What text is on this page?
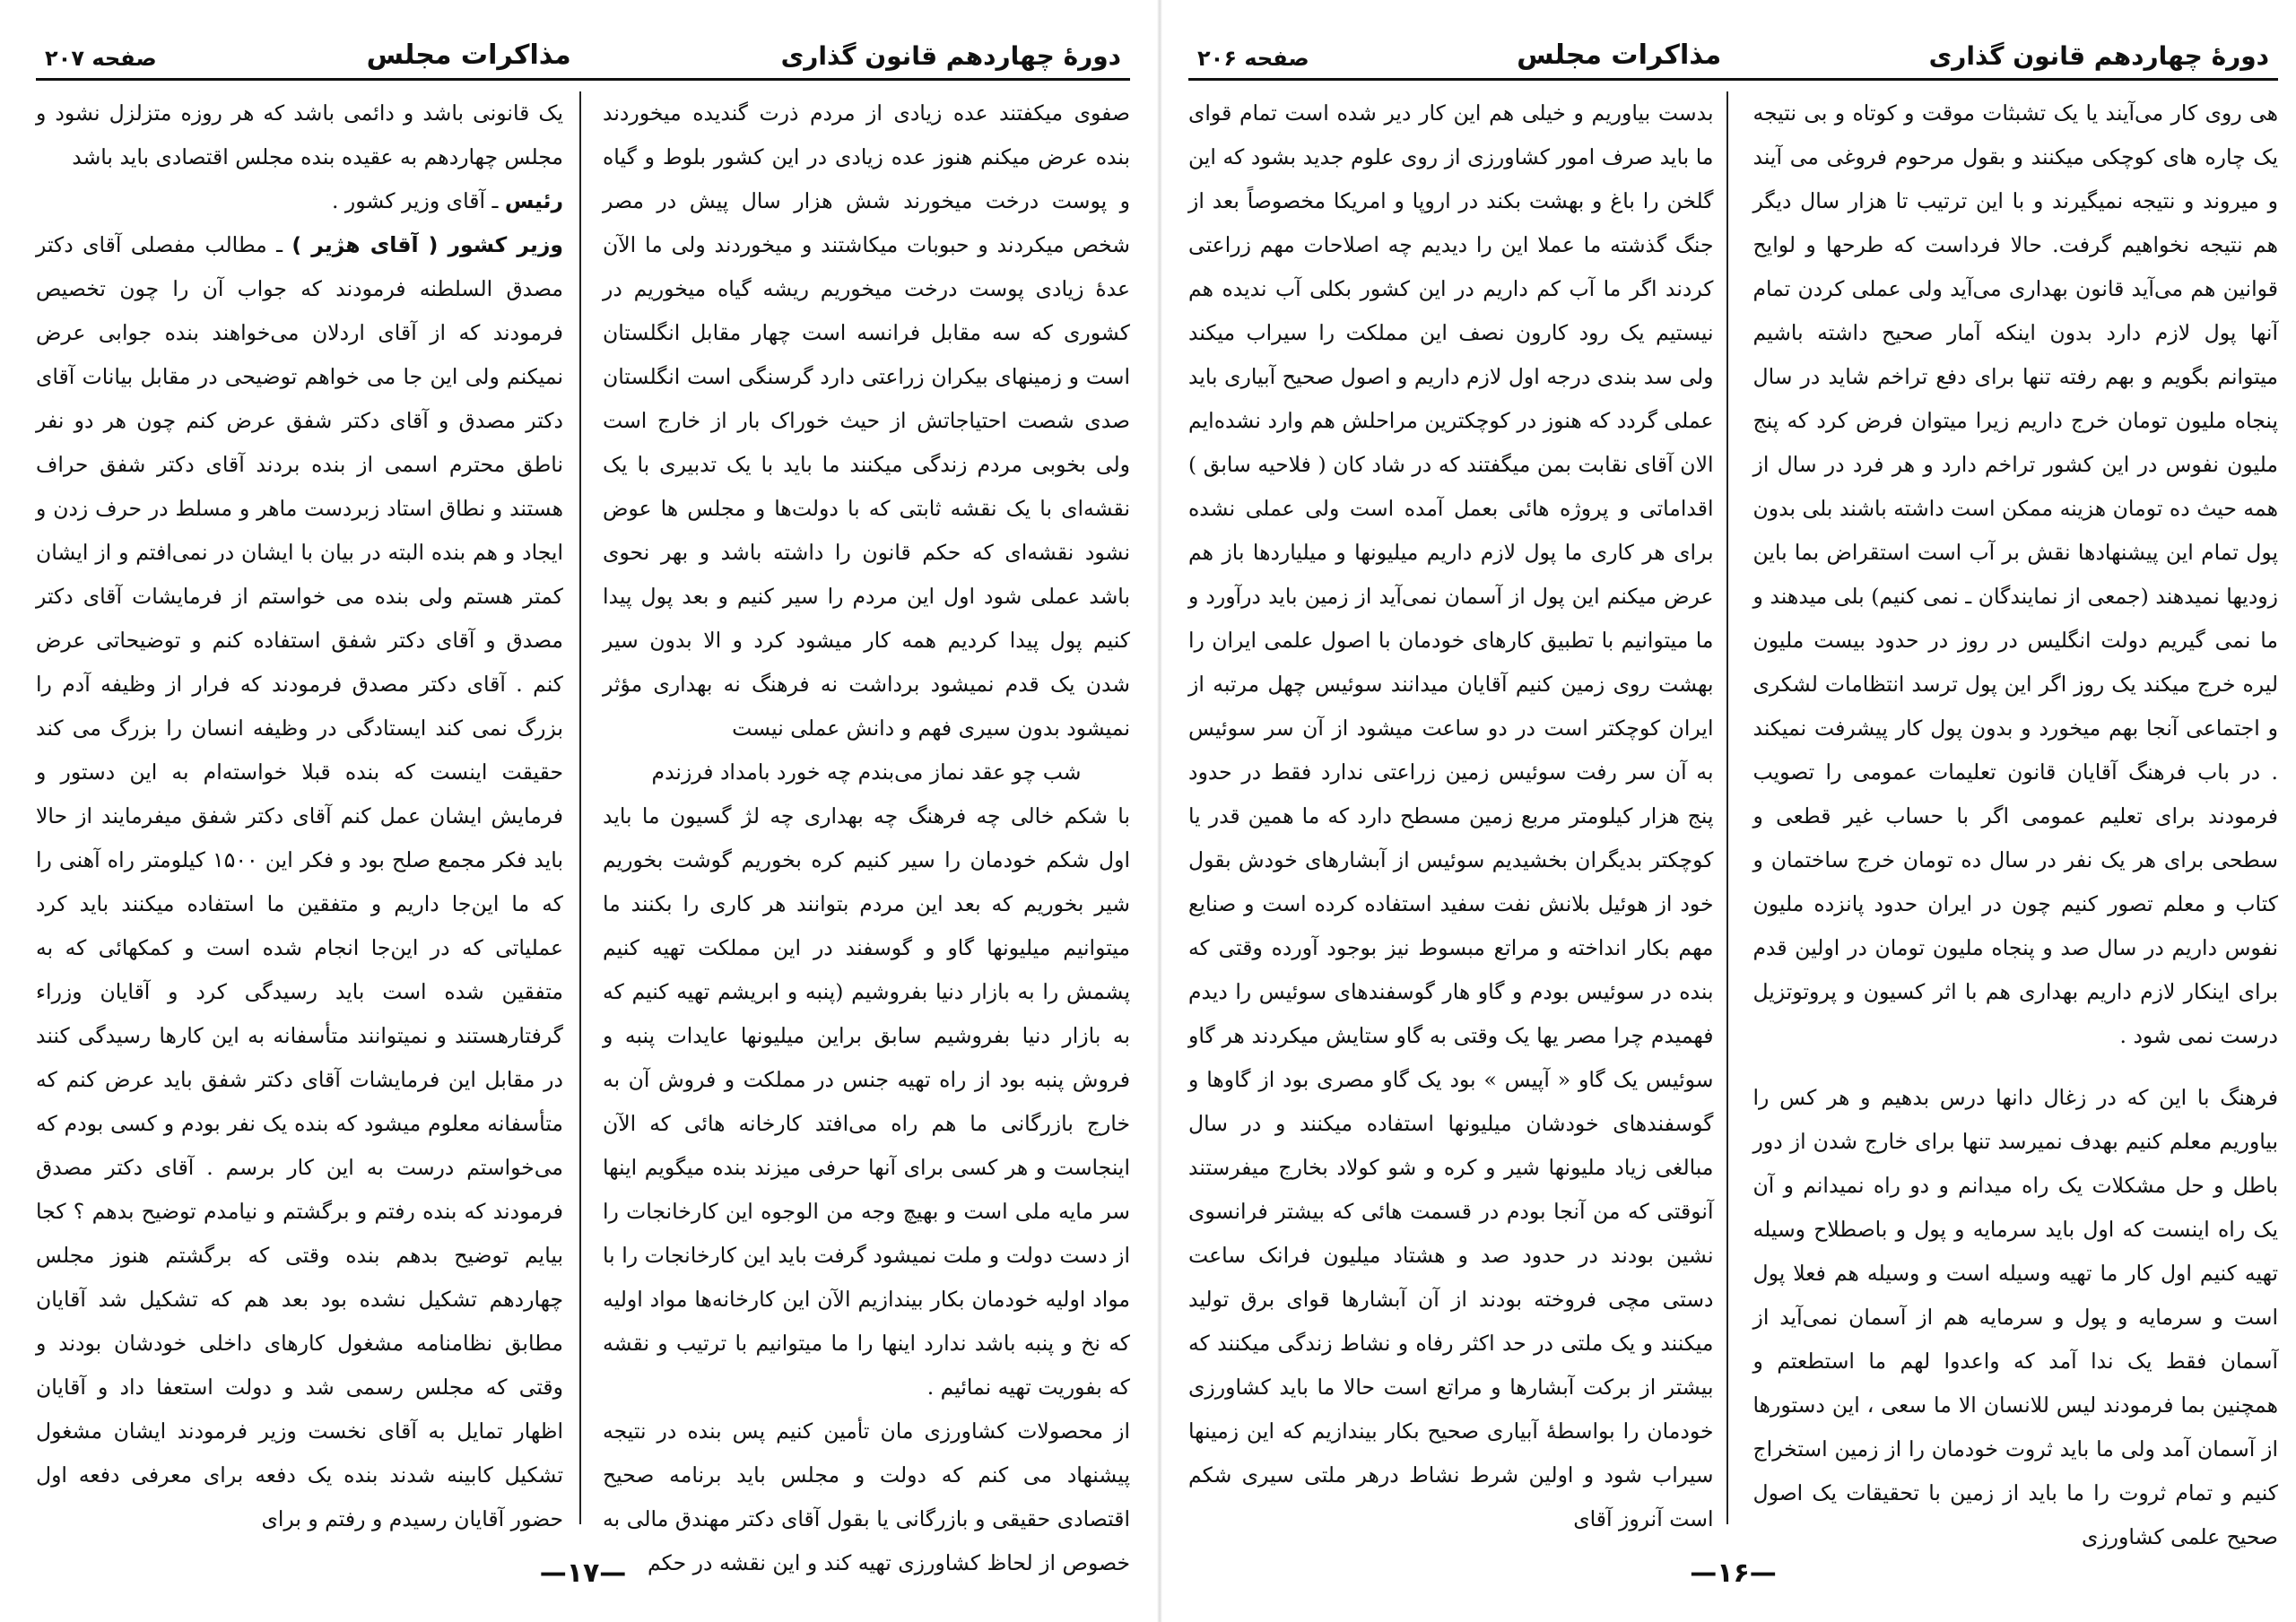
دورهٔ چهاردهم قانون گذاری
مذاکرات مجلس
صفحه ۲۰۷

صفوی میکفتند عده زیادی از مردم ذرت گندیده میخوردند بنده عرض میکنم هنوز عده زیادی در این کشور بلوط و گیاه و پوست درخت میخورند شش هزار سال پیش در مصر شخص میکردند و حبوبات میکاشتند و میخوردند ولی ما الآن عدهٔ زیادی پوست درخت میخوریم ریشه گیاه میخوریم در کشوری که سه مقابل فرانسه است چهار مقابل انگلستان است و زمینهای بیکران زراعتی دارد گرسنگی است انگلستان صدی شصت احتیاجاتش از حیث خوراک بار از خارج است ولی بخوبی مردم زندگی میکنند ما باید با یک تدبیری با یک نقشه‌ای با یک نقشه ثابتی که با دولت‌ها و مجلس ها عوض نشود نقشه‌ای که حکم قانون را داشته باشد و بهر نحوی باشد عملی شود اول این مردم را سیر کنیم و بعد پول پیدا کنیم پول پیدا کردیم همه کار میشود کرد و الا بدون سیر شدن یک قدم نمیشود برداشت نه فرهنگ نه بهداری مؤثر نمیشود بدون سیری فهم و دانش عملی نیست

شب چو عقد نماز می‌بندم چه خورد بامداد فرزندم

با شکم خالی چه فرهنگ چه بهداری چه لژ گسیون ما باید اول شکم خودمان را سیر کنیم کره بخوریم گوشت بخوریم شیر بخوریم که بعد این مردم بتوانند هر کاری را بکنند ما میتوانیم میلیونها گاو و گوسفند در این مملکت تهیه کنیم پشمش را به بازار دنیا بفروشیم (پنبه و ابریشم تهیه کنیم که به بازار دنیا بفروشیم سابق براین میلیونها عایدات پنبه و فروش پنبه بود از راه تهیه جنس در مملکت و فروش آن به خارج بازرگانی ما هم راه می‌افتد کارخانه هائی که الآن اینجاست و هر کسی برای آنها حرفی میزند بنده میگویم اینها سر مایه ملی است و بهیچ وجه من الوجوه این کارخانجات را از دست دولت و ملت نمیشود گرفت باید این کارخانجات را با مواد اولیه خودمان بکار بیندازیم الآن این کارخانه‌ها مواد اولیه که نخ و پنبه باشد ندارد اینها را ما میتوانیم با ترتیب و نقشه که بفوریت تهیه نمائیم .

از محصولات کشاورزی مان تأمین کنیم پس بنده در نتیجه پیشنهاد می کنم که دولت و مجلس باید برنامه صحیح اقتصادی حقیقی و بازرگانی یا بقول آقای دکتر مهندق مالی به خصوص از لحاظ کشاورزی تهیه کند و این نقشه در حکم

یک قانونی باشد و دائمی باشد که هر روزه متزلزل نشود و مجلس چهاردهم به عقیده بنده مجلس اقتصادی باید باشد

رئیس ـ آقای وزیر کشور .

وزیر کشور ( آقای هژیر ) ـ مطالب مفصلی آقای دکتر مصدق السلطنه فرمودند که جواب آن را چون تخصیص فرمودند که از آقای اردلان می‌خواهند بنده جوابی عرض نمیکنم ولی این جا می خواهم توضیحی در مقابل بیانات آقای دکتر مصدق و آقای دکتر شفق عرض کنم چون هر دو نفر ناطق محترم اسمی از بنده بردند آقای دکتر شفق حراف هستند و نطاق استاد زبردست ماهر و مسلط در حرف زدن و ایجاد و هم بنده البته در بیان با ایشان در نمی‌افتم و از ایشان کمتر هستم ولی بنده می خواستم از فرمایشات آقای دکتر مصدق و آقای دکتر شفق استفاده کنم و توضیحاتی عرض کنم . آقای دکتر مصدق فرمودند که فرار از وظیفه آدم را بزرگ نمی کند ایستادگی در وظیفه انسان را بزرگ می کند حقیقت اینست که بنده قبلا خواسته‌ام به این دستور و فرمایش ایشان عمل کنم آقای دکتر شفق میفرمایند از حالا باید فکر مجمع صلح بود و فکر این ۱۵۰۰ کیلومتر راه آهنی را که ما این‌جا داریم و متفقین ما استفاده میکنند باید کرد عملیاتی که در این‌جا انجام شده است و کمکهائی که به متفقین شده است باید رسیدگی کرد و آقایان وزراء گرفتارهستند و نمیتوانند متأسفانه به این کارها رسیدگی کنند در مقابل این فرمایشات آقای دکتر شفق باید عرض کنم که متأسفانه معلوم میشود که بنده یک نفر بودم و کسی بودم که می‌خواستم درست به این کار برسم . آقای دکتر مصدق فرمودند که بنده رفتم و برگشتم و نیامدم توضیح بدهم ؟ کجا بیایم توضیح بدهم بنده وقتی که برگشتم هنوز مجلس چهاردهم تشکیل نشده بود بعد هم که تشکیل شد آقایان مطابق نظامنامه مشغول کارهای داخلی خودشان بودند و وقتی که مجلس رسمی شد و دولت استعفا داد و آقایان اظهار تمایل به آقای نخست وزیر فرمودند ایشان مشغول تشکیل کابینه شدند بنده یک دفعه برای معرفی دفعه اول حضور آقایان رسیدم و رفتم و برای

—۱۷—
دورهٔ چهاردهم قانون گذاری
مذاکرات مجلس
صفحه ۲۰۶

هی روی کار می‌آیند یا یک تشبثات موقت و کوتاه و بی نتیجه یک چاره های کوچکی میکنند و بقول مرحوم فروغی می آیند و میروند و نتیجه نمیگیرند و با این ترتیب تا هزار سال دیگر هم نتیجه نخواهیم گرفت. حالا فرداست که طرحها و لوایح قوانین هم می‌آید قانون بهداری می‌آید ولی عملی کردن تمام آنها پول لازم دارد بدون اینکه آمار صحیح داشته باشیم میتوانم بگویم و بهم رفته تنها برای دفع تراخم شاید در سال پنجاه ملیون تومان خرج داریم زیرا میتوان فرض کرد که پنج ملیون نفوس در این کشور تراخم دارد و هر فرد در سال از همه حیث ده تومان هزینه ممکن است داشته باشند بلی بدون پول تمام این پیشنهادها نقش بر آب است استقراض بما باین زودیها نمیدهند (جمعی از نمایندگان ـ نمی کنیم) بلی میدهند و ما نمی گیریم دولت انگلیس در روز در حدود بیست ملیون لیره خرج میکند یک روز اگر این پول ترسد انتظامات لشکری و اجتماعی آنجا بهم میخورد و بدون پول کار پیشرفت نمیکند . در باب فرهنگ آقایان قانون تعلیمات عمومی را تصویب فرمودند برای تعلیم عمومی اگر با حساب غیر قطعی و سطحی برای هر یک نفر در سال ده تومان خرج ساختمان و کتاب و معلم تصور کنیم چون در ایران حدود پانزده ملیون نفوس داریم در سال صد و پنجاه ملیون تومان در اولین قدم برای اینکار لازم داریم بهداری هم با اثر کسیون و پروتوتزیل درست نمی شود .

فرهنگ با این که در زغال دانها درس بدهیم و هر کس را بیاوریم معلم کنیم بهدف نمیرسد تنها برای خارج شدن از دور باطل و حل مشکلات یک راه میدانم و دو راه نمیدانم و آن یک راه اینست که اول باید سرمایه و پول و باصطلاح وسیله تهیه کنیم اول کار ما تهیه وسیله است و وسیله هم فعلا پول است و سرمایه و پول و سرمایه هم از آسمان نمی‌آید از آسمان فقط یک ندا آمد که واعدوا لهم ما استطعتم و همچنین بما فرمودند لیس للانسان الا ما سعی ، این دستورها از آسمان آمد ولی ما باید ثروت خودمان را از زمین استخراج کنیم و تمام ثروت را ما باید از زمین با تحقیقات یک اصول صحیح علمی کشاورزی

بدست بیاوریم و خیلی هم این کار دیر شده است تمام قوای ما باید صرف امور کشاورزی از روی علوم جدید بشود که این گلخن را باغ و بهشت بکند در اروپا و امریکا مخصوصاً بعد از جنگ گذشته ما عملا این را دیدیم چه اصلاحات مهم زراعتی کردند اگر ما آب کم داریم در این کشور بکلی آب ندیده هم نیستیم یک رود کارون نصف این مملکت را سیراب میکند ولی سد بندی درجه اول لازم داریم و اصول صحیح آبیاری باید عملی گردد که هنوز در کوچکترین مراحلش هم وارد نشده‌ایم الان آقای نقابت بمن میگفتند که در شاد کان ( فلاحیه سابق ) اقداماتی و پروژه هائی بعمل آمده است ولی عملی نشده برای هر کاری ما پول لازم داریم میلیونها و میلیاردها باز هم عرض میکنم این پول از آسمان نمی‌آید از زمین باید درآورد و ما میتوانیم با تطبیق کارهای خودمان با اصول علمی ایران را بهشت روی زمین کنیم آقایان میدانند سوئیس چهل مرتبه از ایران کوچکتر است در دو ساعت میشود از آن سر سوئیس به آن سر رفت سوئیس زمین زراعتی ندارد فقط در حدود پنج هزار کیلومتر مربع زمین مسطح دارد که ما همین قدر یا کوچکتر بدیگران بخشیدیم سوئیس از آبشارهای خودش بقول خود از هوئیل بلانش نفت سفید استفاده کرده است و صنایع مهم بکار انداخته و مراتع مبسوط نیز بوجود آورده وقتی که بنده در سوئیس بودم و گاو هار گوسفندهای سوئیس را دیدم فهمیدم چرا مصر یها یک وقتی به گاو ستایش میکردند هر گاو سوئیس یک گاو « آپیس » بود یک گاو مصری بود از گاوها و گوسفندهای خودشان میلیونها استفاده میکنند و در سال مبالغی زیاد ملیونها شیر و کره و شو کولاد بخارج میفرستند آنوقتی که من آنجا بودم در قسمت هائی که بیشتر فرانسوی نشین بودند در حدود صد و هشتاد میلیون فرانک ساعت دستی مچی فروخته بودند از آن آبشارها قوای برق تولید میکنند و یک ملتی در حد اکثر رفاه و نشاط زندگی میکنند که بیشتر از برکت آبشارها و مراتع است حالا ما باید کشاورزی خودمان را بواسطهٔ آبیاری صحیح بکار بیندازیم که این زمینها سیراب شود و اولین شرط نشاط درهر ملتی سیری شکم است آنروز آقای

—۱۶—
